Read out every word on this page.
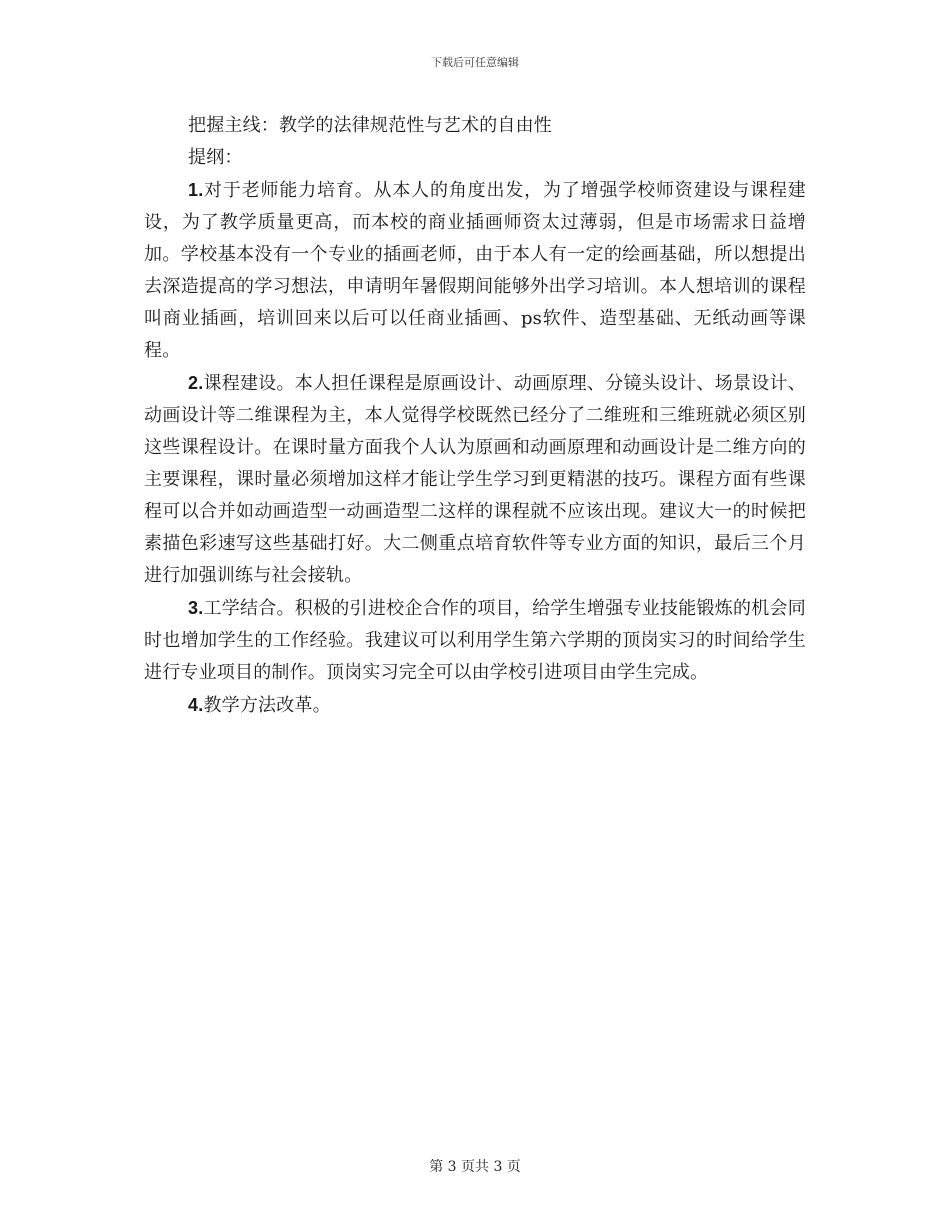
下载后可任意编辑

把握主线：教学的法律规范性与艺术的自由性

提纲：

1.对于老师能力培育。从本人的角度出发，为了增强学校师资建设与课程建设，为了教学质量更高，而本校的商业插画师资太过薄弱，但是市场需求日益增加。学校基本没有一个专业的插画老师，由于本人有一定的绘画基础，所以想提出去深造提高的学习想法，申请明年暑假期间能够外出学习培训。本人想培训的课程叫商业插画，培训回来以后可以任商业插画、ps软件、造型基础、无纸动画等课程。

2.课程建设。本人担任课程是原画设计、动画原理、分镜头设计、场景设计、动画设计等二维课程为主，本人觉得学校既然已经分了二维班和三维班就必须区别这些课程设计。在课时量方面我个人认为原画和动画原理和动画设计是二维方向的主要课程，课时量必须增加这样才能让学生学习到更精湛的技巧。课程方面有些课程可以合并如动画造型一动画造型二这样的课程就不应该出现。建议大一的时候把素描色彩速写这些基础打好。大二侧重点培育软件等专业方面的知识，最后三个月进行加强训练与社会接轨。

3.工学结合。积极的引进校企合作的项目，给学生增强专业技能锻炼的机会同时也增加学生的工作经验。我建议可以利用学生第六学期的顶岗实习的时间给学生进行专业项目的制作。顶岗实习完全可以由学校引进项目由学生完成。

4.教学方法改革。

第 3 页共 3 页
